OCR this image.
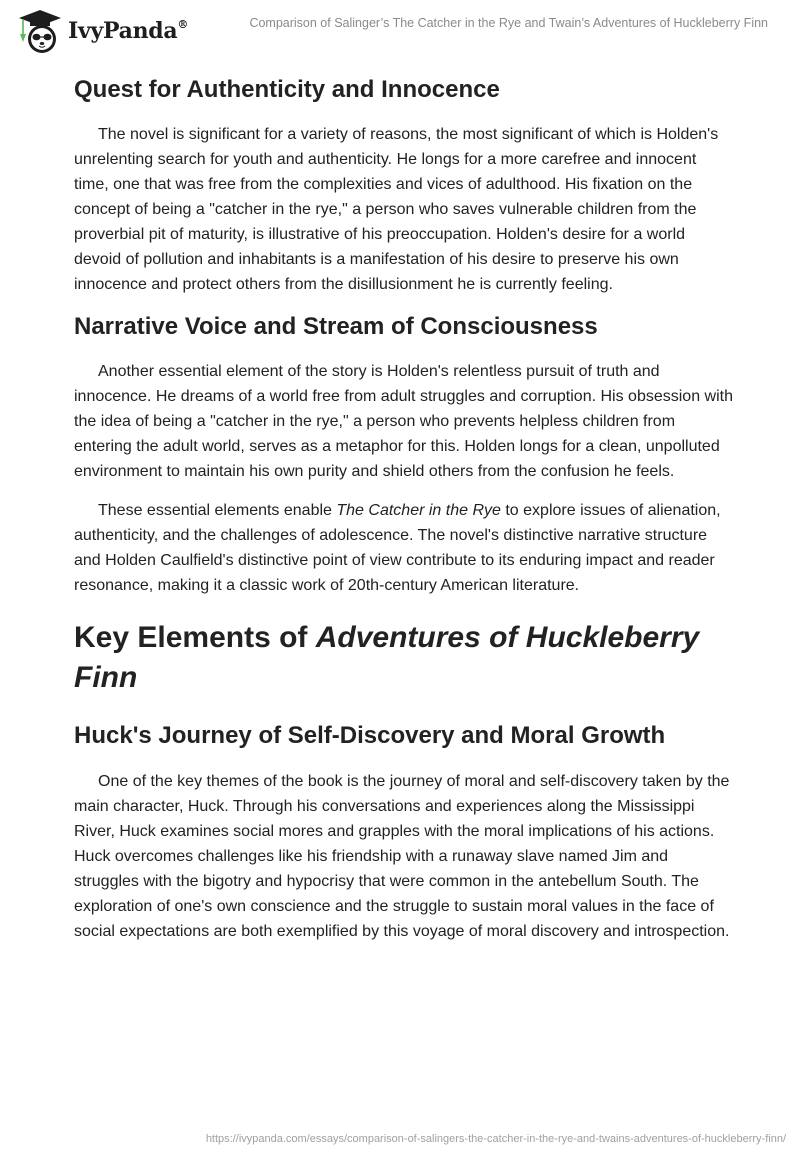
IvyPanda®	Comparison of Salinger’s The Catcher in the Rye and Twain’s Adventures of Huckleberry Finn
Quest for Authenticity and Innocence

The novel is significant for a variety of reasons, the most significant of which is Holden's unrelenting search for youth and authenticity. He longs for a more carefree and innocent time, one that was free from the complexities and vices of adulthood. His fixation on the concept of being a "catcher in the rye," a person who saves vulnerable children from the proverbial pit of maturity, is illustrative of his preoccupation. Holden's desire for a world devoid of pollution and inhabitants is a manifestation of his desire to preserve his own innocence and protect others from the disillusionment he is currently feeling.

Narrative Voice and Stream of Consciousness

Another essential element of the story is Holden's relentless pursuit of truth and innocence. He dreams of a world free from adult struggles and corruption. His obsession with the idea of being a "catcher in the rye," a person who prevents helpless children from entering the adult world, serves as a metaphor for this. Holden longs for a clean, unpolluted environment to maintain his own purity and shield others from the confusion he feels.

These essential elements enable The Catcher in the Rye to explore issues of alienation, authenticity, and the challenges of adolescence. The novel's distinctive narrative structure and Holden Caulfield's distinctive point of view contribute to its enduring impact and reader resonance, making it a classic work of 20th-century American literature.

Key Elements of Adventures of Huckleberry Finn
Huck's Journey of Self-Discovery and Moral Growth

One of the key themes of the book is the journey of moral and self-discovery taken by the main character, Huck. Through his conversations and experiences along the Mississippi River, Huck examines social mores and grapples with the moral implications of his actions. Huck overcomes challenges like his friendship with a runaway slave named Jim and struggles with the bigotry and hypocrisy that were common in the antebellum South. The exploration of one's own conscience and the struggle to sustain moral values in the face of social expectations are both exemplified by this voyage of moral discovery and introspection.

https://ivypanda.com/essays/comparison-of-salingers-the-catcher-in-the-rye-and-twains-adventures-of-huckleberry-finn/
